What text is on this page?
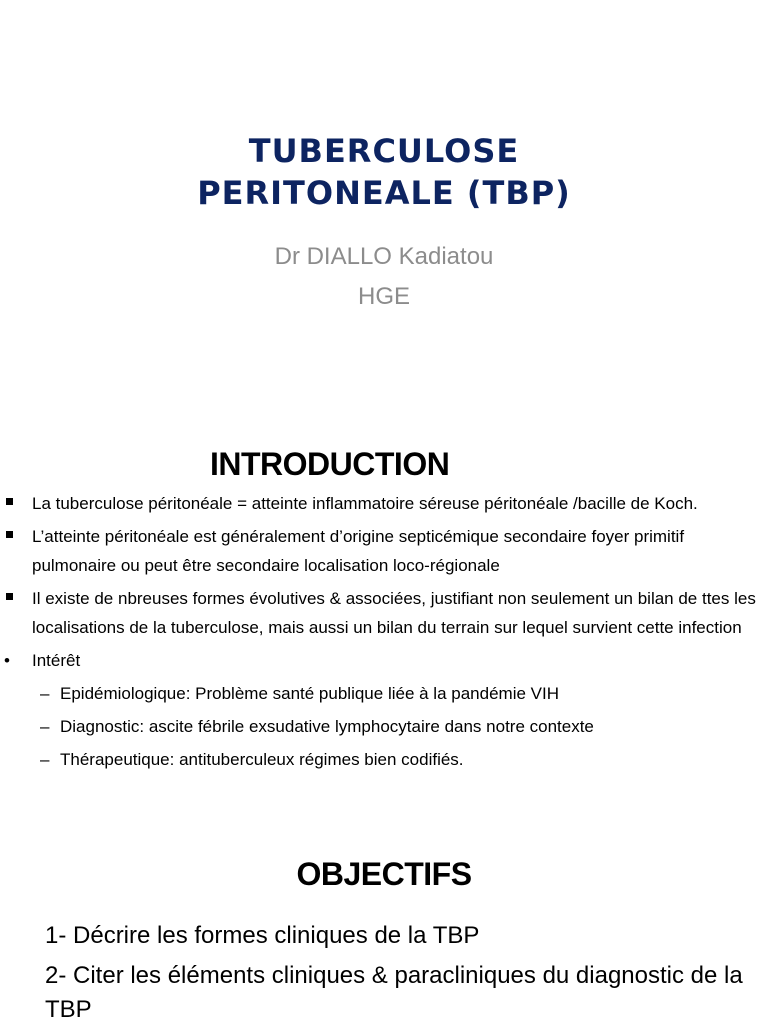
TUBERCULOSE
PERITONEALE (TBP)
Dr DIALLO Kadiatou
HGE
INTRODUCTION
La tuberculose péritonéale = atteinte inflammatoire séreuse péritonéale /bacille de Koch.
L’atteinte péritonéale est généralement d’origine septicémique secondaire foyer primitif pulmonaire ou peut être secondaire localisation loco-régionale
Il existe de nbreuses formes évolutives & associées, justifiant non seulement un bilan de ttes les localisations de la tuberculose, mais aussi un bilan du terrain sur lequel survient cette infection
• Intérêt
– Epidémiologique: Problème santé publique liée à la pandémie VIH
– Diagnostic: ascite fébrile exsudative lymphocytaire dans notre contexte
– Thérapeutique: antituberculeux régimes bien codifiés.
OBJECTIFS
1- Décrire les formes cliniques de la TBP
2- Citer les éléments cliniques & paracliniques du diagnostic de la TBP
